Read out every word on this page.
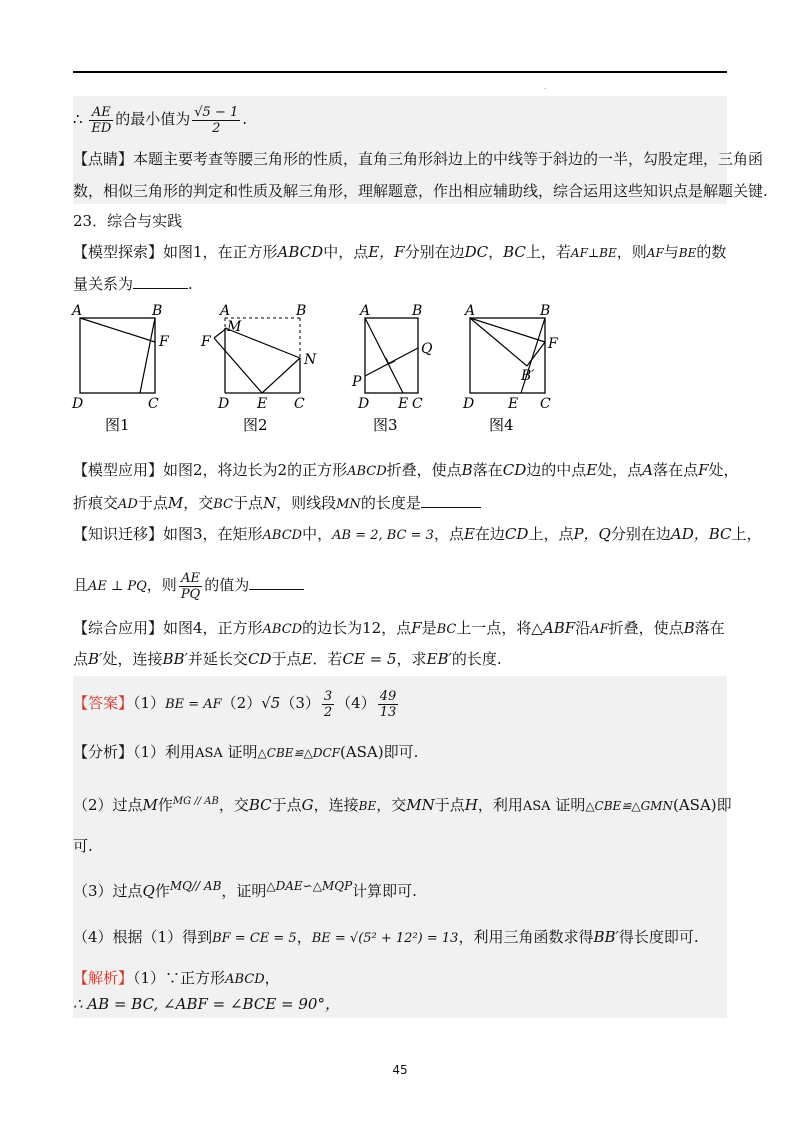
.
∴ $\frac{AE}{ED}$ 的最小值为 $\frac{√5 - 1}{2}$ .
【点睛】本题主要考查等腰三角形的性质，直角三角形斜边上的中线等于斜边的一半，勾股定理，三角函
数，相似三角形的判定和性质及解三角形，理解题意，作出相应辅助线，综合运用这些知识点是解题关键.
23．综合与实践
【模型探索】如图1，在正方形ABCD中，点E，F分别在边DC，BC上，若AF⊥BE，则AF与BE的数
量关系为	.
A	B
F
D	C
图1
A	B
M
F
N
D E C
图2
A	B
Q
P
D E C
图3
A	B
F
B′
D E C
图4
【模型应用】如图2，将边长为2的正方形ABCD折叠，使点B落在CD边的中点E处，点A落在点F处，
折痕交AD于点M，交BC于点N，则线段MN的长度是
【知识迁移】如图3，在矩形ABCD中，AB = 2, BC = 3，点E在边CD上，点P，Q分别在边AD，BC上，
且AE ⊥ PQ，则 $\frac{AE}{PQ}$ 的值为
【综合应用】如图4，正方形ABCD的边长为12，点F是BC上一点，将△ABF沿AF折叠，使点B落在
点B′处，连接BB′并延长交CD于点E．若CE = 5，求EB′的长度.
【答案】$(1)BE = AF(2)√5(3) \frac{3}{2} (4) \frac{49}{13}$
【分析】（1）利用ASA 证明△CBE≌△DCF(ASA)即可.
（2）过点M作$^{MG // AB}$，交BC于点G，连接BE，交MN于点H，利用ASA 证明△CBE≌△GMN(ASA)即
可.
（3）过点Q作$^{MQ// AB}$，证明$^{\triangle DAE∽\triangle MQP}$计算即可.
（4）根据（1）得到BF = CE = 5，BE = √(5² + 12²) = 13，利用三角函数求得BB′得长度即可.
【解析】（1）∵正方形ABCD，
∴ AB = BC, ∠ABF = ∠BCE = 90°，
45
